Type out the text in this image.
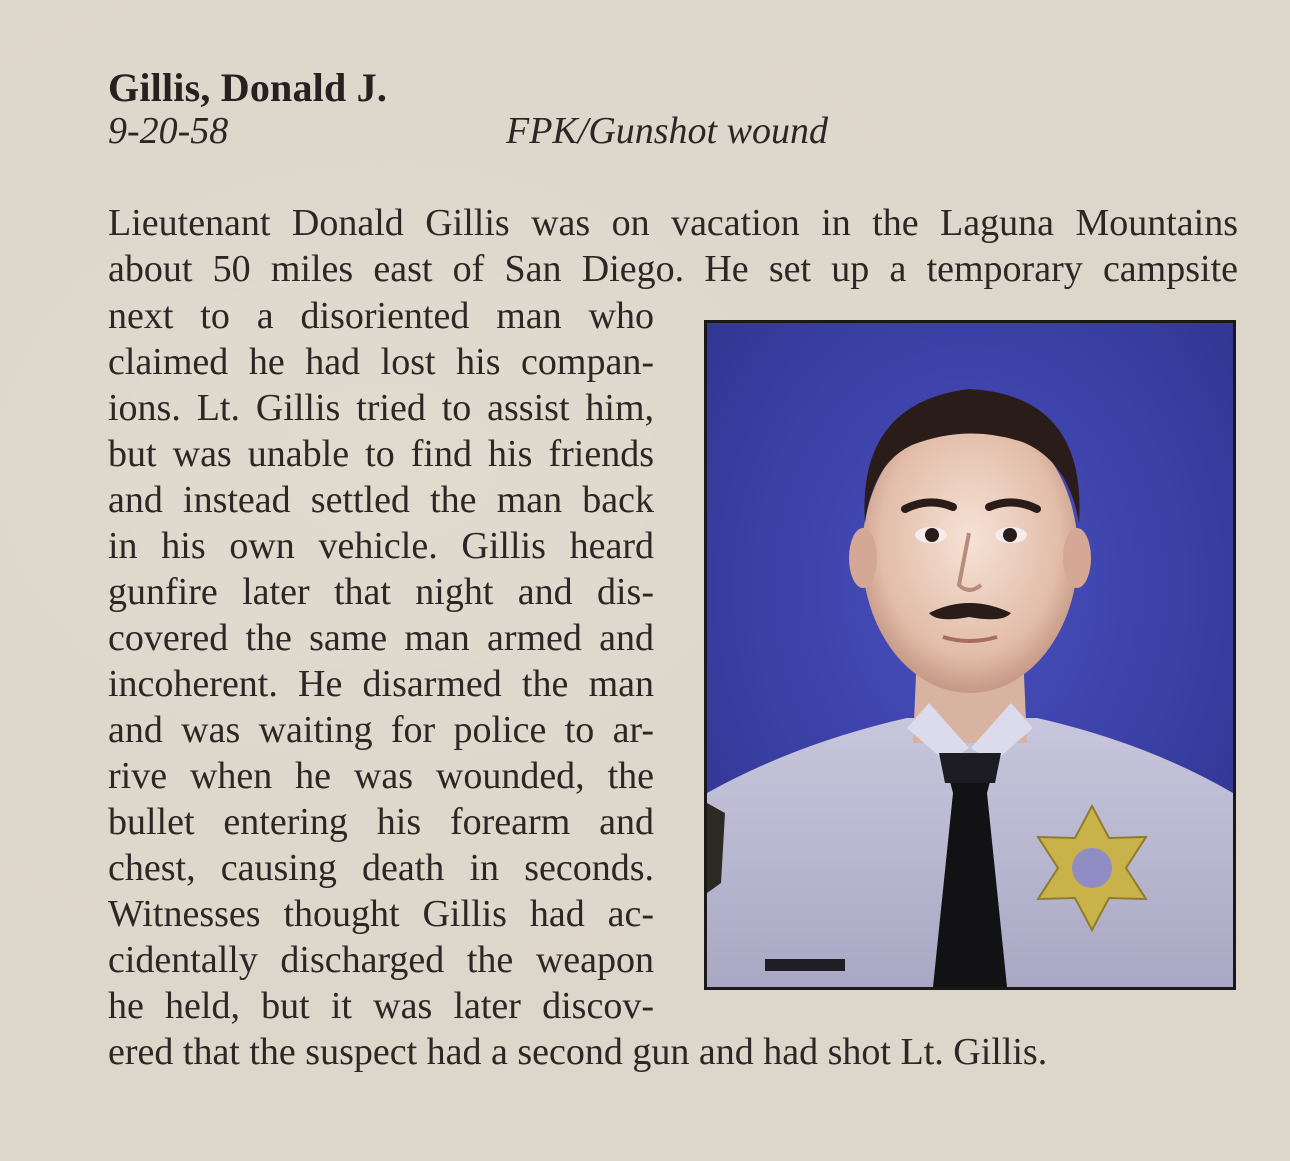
Gillis, Donald J.
9-20-58	FPK/Gunshot wound
Lieutenant Donald Gillis was on vacation in the Laguna Mountains
about 50 miles east of San Diego. He set up a temporary campsite
next to a disoriented man who
claimed he had lost his compan-
ions. Lt. Gillis tried to assist him,
but was unable to find his friends
and instead settled the man back
in his own vehicle. Gillis heard
gunfire later that night and dis-
covered the same man armed and
incoherent. He disarmed the man
and was waiting for police to ar-
rive when he was wounded, the
bullet entering his forearm and
chest, causing death in seconds.
Witnesses thought Gillis had ac-
cidentally discharged the weapon
he held, but it was later discov-
ered that the suspect had a second gun and had shot Lt. Gillis.
